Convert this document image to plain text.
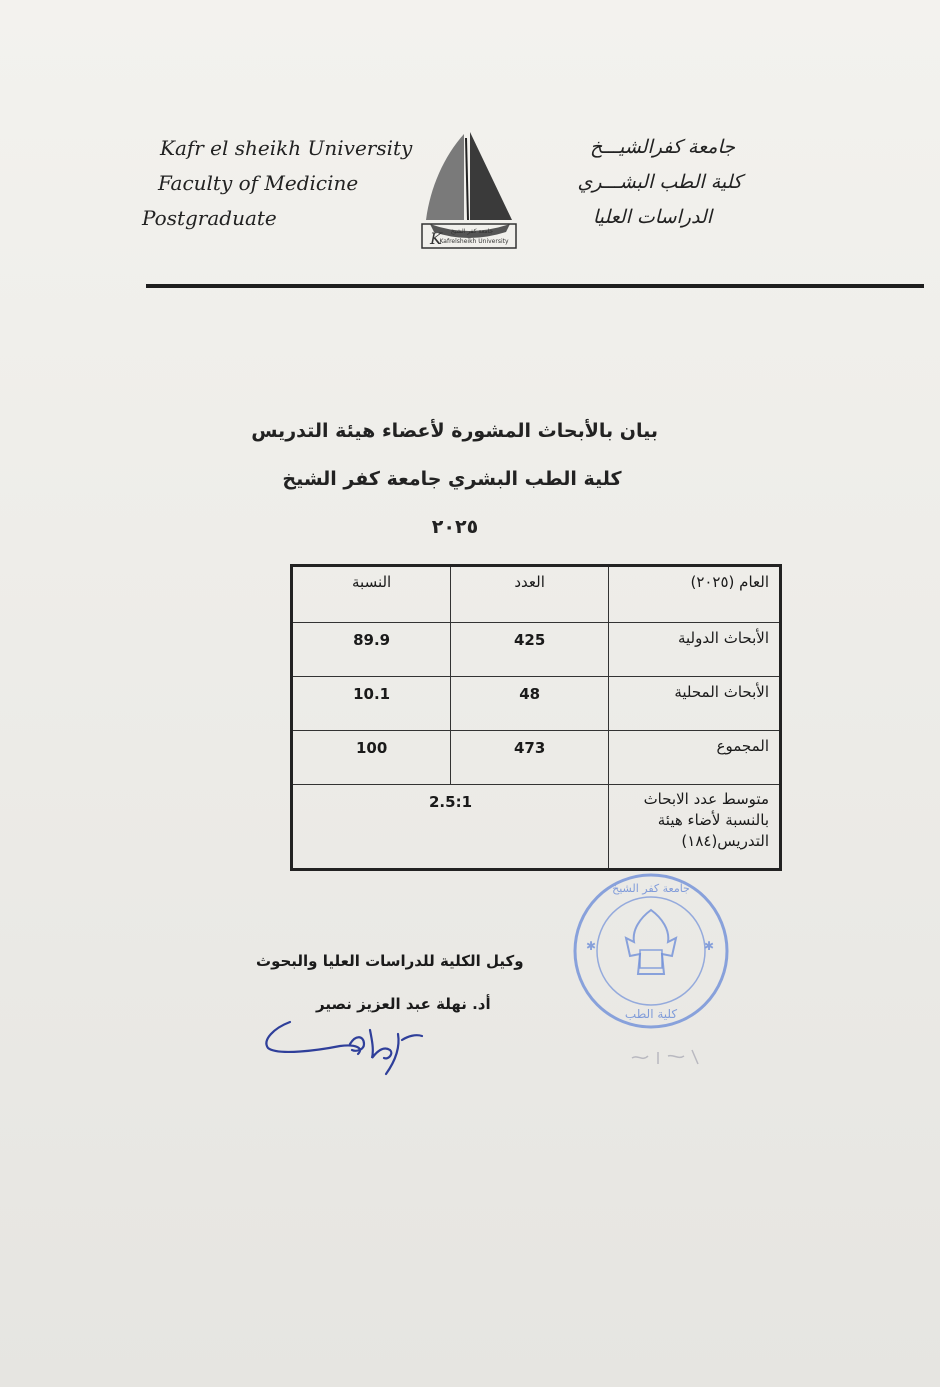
Kafr el sheikh University
Faculty of Medicine
Postgraduate
جامعة كفرالشيـــخ
كلية الطب البشـــري
الدراسات العليا
K جامعة كفر الشيخ
Kafrelsheikh University
بيان بالأبحاث المشورة لأعضاء هيئة التدريس
كلية الطب البشري جامعة كفر الشيخ
٢٠٢٥
العام (٢٠٢٥)	العدد	النسبة
الأبحاث الدولية	425	89.9
الأبحاث المحلية	48	10.1
المجموع	473	100
متوسط عدد الابحاث بالنسبة لأضاء هيئة التدريس(١٨٤)	2.5:1	
وكيل الكلية للدراسات العليا والبحوث
أد. نهلة عبد العزيز نصير
جامعة كفر الشيخ
كلية الطب
✱	✱
